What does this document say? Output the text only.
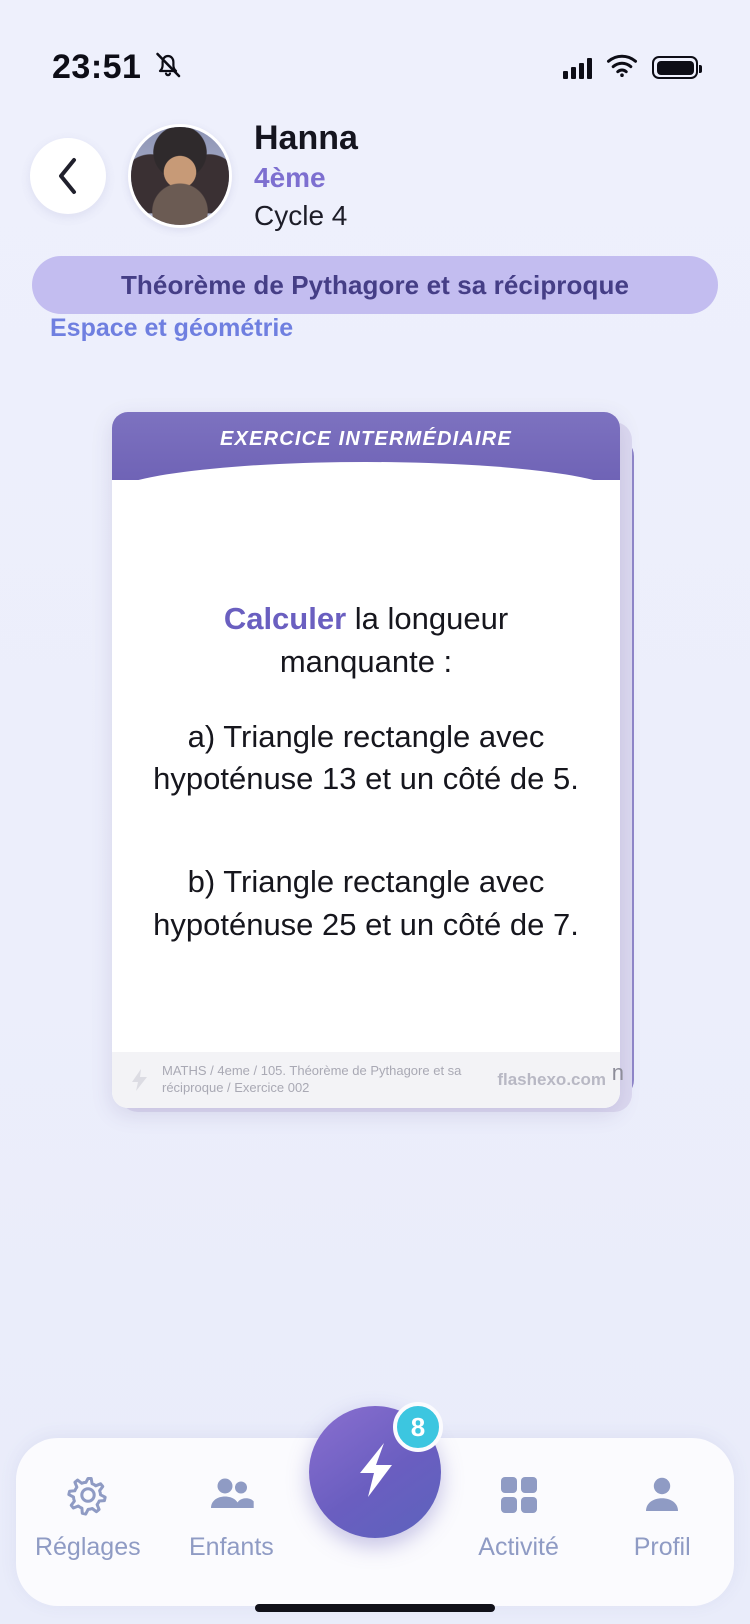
23:51
Hanna
4ème
Cycle 4
Théorème de Pythagore et sa réciproque
Espace et géométrie
EXERCICE INTERMÉDIAIRE
Calculer la longueur
manquante :
a) Triangle rectangle avec
hypoténuse 13 et un côté de 5.
b) Triangle rectangle avec
hypoténuse 25 et un côté de 7.
MATHS / 4eme / 105. Théorème de Pythagore et sa réciproque / Exercice 002	flashexo.com n
Réglages Enfants
8
Activité	Profil
